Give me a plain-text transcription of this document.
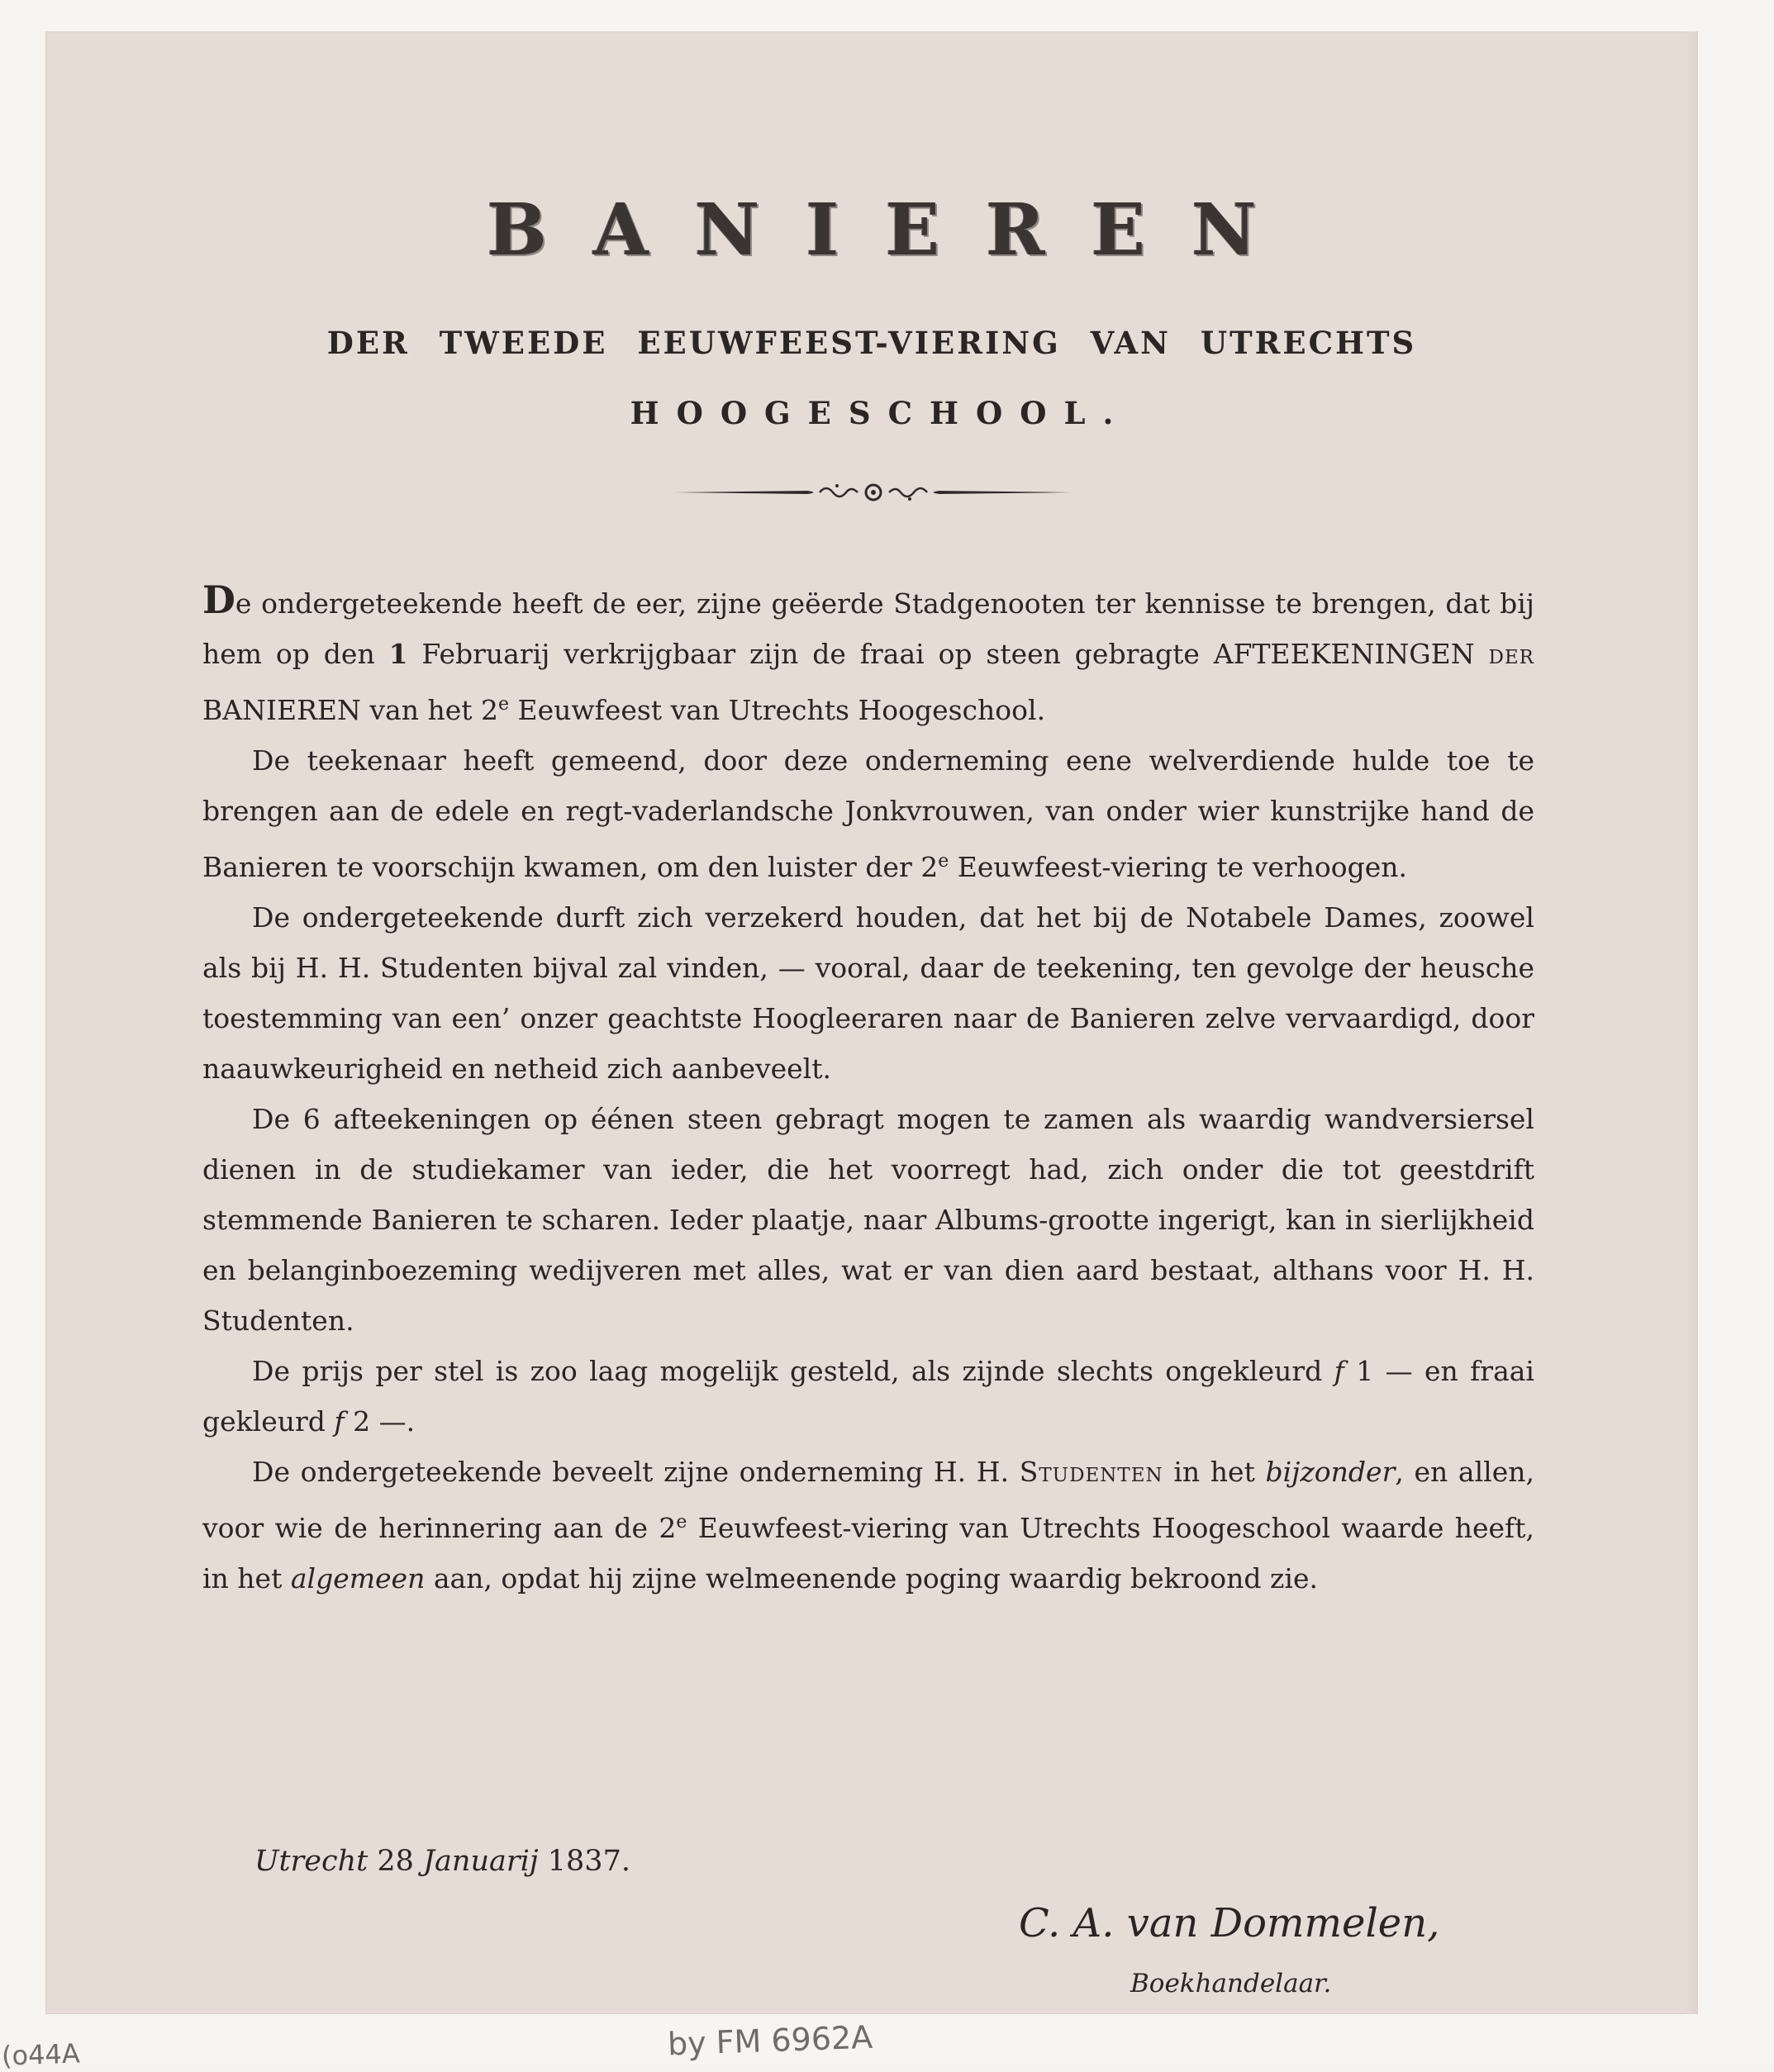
BANIEREN
DER TWEEDE EEUWFEEST-VIERING VAN UTRECHTS
HOOGESCHOOL.

De ondergeteekende heeft de eer, zijne geëerde Stadgenooten ter kennisse te brengen, dat bij hem op den 1 Februarij verkrijgbaar zijn de fraai op steen gebragte AFTEEKENINGEN der BANIEREN van het 2e Eeuwfeest van Utrechts Hoogeschool.

De teekenaar heeft gemeend, door deze onderneming eene welverdiende hulde toe te brengen aan de edele en regt-vaderlandsche Jonkvrouwen, van onder wier kunstrijke hand de Banieren te voorschijn kwamen, om den luister der 2e Eeuwfeest-viering te verhoogen.

De ondergeteekende durft zich verzekerd houden, dat het bij de Notabele Dames, zoowel als bij H. H. Studenten bijval zal vinden, — vooral, daar de teekening, ten gevolge der heusche toestemming van een’ onzer geachtste Hoogleeraren naar de Banieren zelve vervaardigd, door naauwkeurigheid en netheid zich aanbeveelt.

De 6 afteekeningen op éénen steen gebragt mogen te zamen als waardig wandversiersel dienen in de studiekamer van ieder, die het voorregt had, zich onder die tot geestdrift stemmende Banieren te scharen. Ieder plaatje, naar Albums-grootte ingerigt, kan in sierlijkheid en belanginboezeming wedijveren met alles, wat er van dien aard bestaat, althans voor H. H. Studenten.

De prijs per stel is zoo laag mogelijk gesteld, als zijnde slechts ongekleurd f 1 — en fraai gekleurd f 2 —.

De ondergeteekende beveelt zijne onderneming H. H. Studenten in het bijzonder, en allen, voor wie de herinnering aan de 2e Eeuwfeest-viering van Utrechts Hoogeschool waarde heeft, in het algemeen aan, opdat hij zijne welmeenende poging waardig bekroond zie.

Utrecht 28 Januarij 1837.
C. A. van Dommelen,
Boekhandelaar.
by FM 6962A
(o44A
